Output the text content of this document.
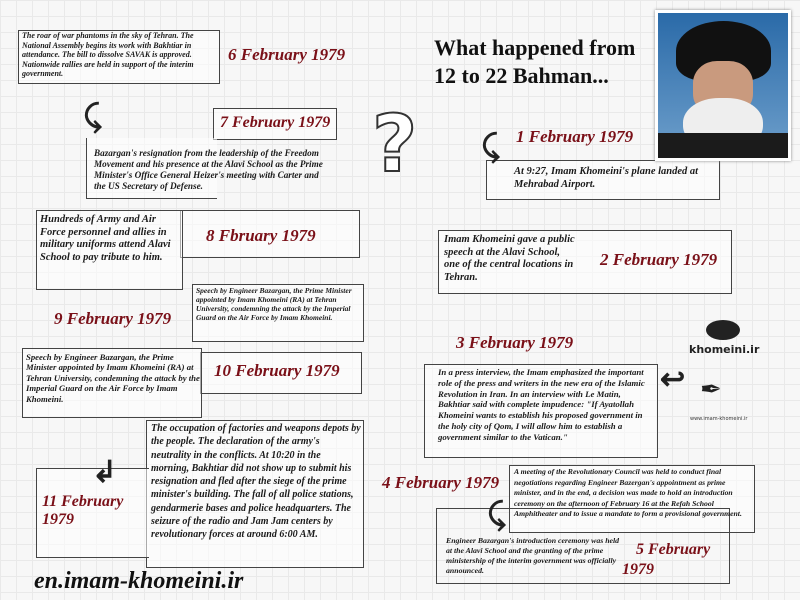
The roar of war phantoms in the sky of Tehran. The National Assembly begins its work with Bakhtiar in attendance. The bill to dissolve SAVAK is approved. Nationwide rallies are held in support of the interim government.
6 February 1979
⤹	7 February 1979
Bazargan's resignation from the leadership of the Freedom Movement and his presence at the Alavi School as the Prime Minister's Office General Heizer's meeting with Carter and the US Secretary of Defense.
Hundreds of Army and Air Force personnel and allies in military uniforms attend Alavi School to pay tribute to him.
8 Fbruary 1979
Speech by Engineer Bazargan, the Prime Minister appointed by Imam Khomeini (RA) at Tehran University, condemning the attack by the Imperial Guard on the Air Force by Imam Khomeini.
9 February 1979
Speech by Engineer Bazargan, the Prime Minister appointed by Imam Khomeini (RA) at Tehran University, condemning the attack by the Imperial Guard on the Air Force by Imam Khomeini.
10 February 1979
↲
The occupation of factories and weapons depots by the people. The declaration of the army's neutrality in the conflicts. At 10:20 in the morning, Bakhtiar did not show up to submit his resignation and fled after the siege of the prime minister's building. The fall of all police stations, gendarmerie bases and police headquarters. The seizure of the radio and Jam Jam centers by revolutionary forces at around 6:00 AM.
11 February 1979
en.imam-khomeini.ir
?
What happened from 12 to 22 Bahman...
⤹ 1 February 1979
At 9:27, Imam Khomeini's plane landed at Mehrabad Airport.
Imam Khomeini gave a public speech at the Alavi School, one of the central locations in Tehran.
2 February 1979
khomeini.ir
✒
www.imam-khomeini.ir
3 February 1979
↩
In a press interview, the Imam emphasized the important role of the press and writers in the new era of the Islamic Revolution in Iran. In an interview with Le Matin, Bakhtiar said with complete impudence: "If Ayatollah Khomeini wants to establish his proposed government in the holy city of Qom, I will allow him to establish a government similar to the Vatican."
4 February 1979
A meeting of the Revolutionary Council was held to conduct final negotiations regarding Engineer Bazergan's appointment as prime minister, and in the end, a decision was made to hold an introduction ceremony on the afternoon of February 16 at the Refah School Amphitheater and to issue a mandate to form a provisional government.
⤹
Engineer Bazargan's introduction ceremony was held at the Alavi School and the granting of the prime ministership of the interim government was officially announced.
5 February 1979
